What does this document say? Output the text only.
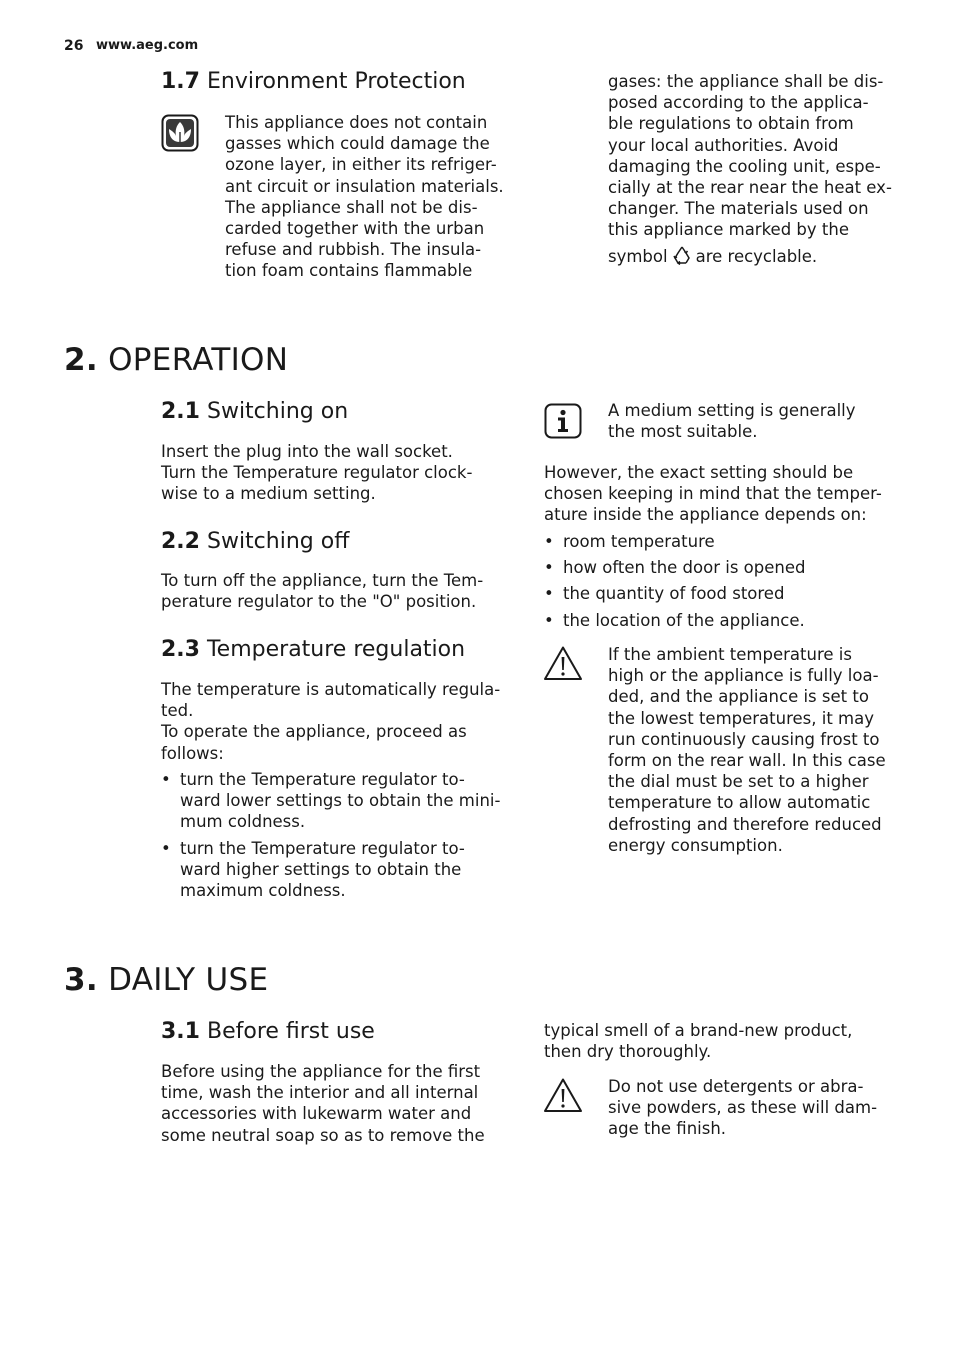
26 www.aeg.com
1.7 Environment Protection

This appliance does not contain
gasses which could damage the
ozone layer, in either its refriger-
ant circuit or insulation materials.
The appliance shall not be dis-
carded together with the urban
refuse and rubbish. The insula-
tion foam contains flammable

gases: the appliance shall be dis-
posed according to the applica-
ble regulations to obtain from
your local authorities. Avoid
damaging the cooling unit, espe-
cially at the rear near the heat ex-
changer. The materials used on
this appliance marked by the

symbol are recyclable.

2. OPERATION
2.1 Switching on

Insert the plug into the wall socket.
Turn the Temperature regulator clock-
wise to a medium setting.

2.2 Switching off

To turn off the appliance, turn the Tem-
perature regulator to the "O" position.

2.3 Temperature regulation

The temperature is automatically regula-
ted.
To operate the appliance, proceed as
follows:

• turn the Temperature regulator to-
ward lower settings to obtain the mini-
mum coldness.
• turn the Temperature regulator to-
ward higher settings to obtain the
maximum coldness.

A medium setting is generally
the most suitable.

However, the exact setting should be
chosen keeping in mind that the temper-
ature inside the appliance depends on:

• room temperature
• how often the door is opened
• the quantity of food stored
• the location of the appliance.

If the ambient temperature is
high or the appliance is fully loa-
ded, and the appliance is set to
the lowest temperatures, it may
run continuously causing frost to
form on the rear wall. In this case
the dial must be set to a higher
temperature to allow automatic
defrosting and therefore reduced
energy consumption.

3. DAILY USE
3.1 Before first use

Before using the appliance for the first
time, wash the interior and all internal
accessories with lukewarm water and
some neutral soap so as to remove the

typical smell of a brand-new product,
then dry thoroughly.

Do not use detergents or abra-
sive powders, as these will dam-
age the finish.
